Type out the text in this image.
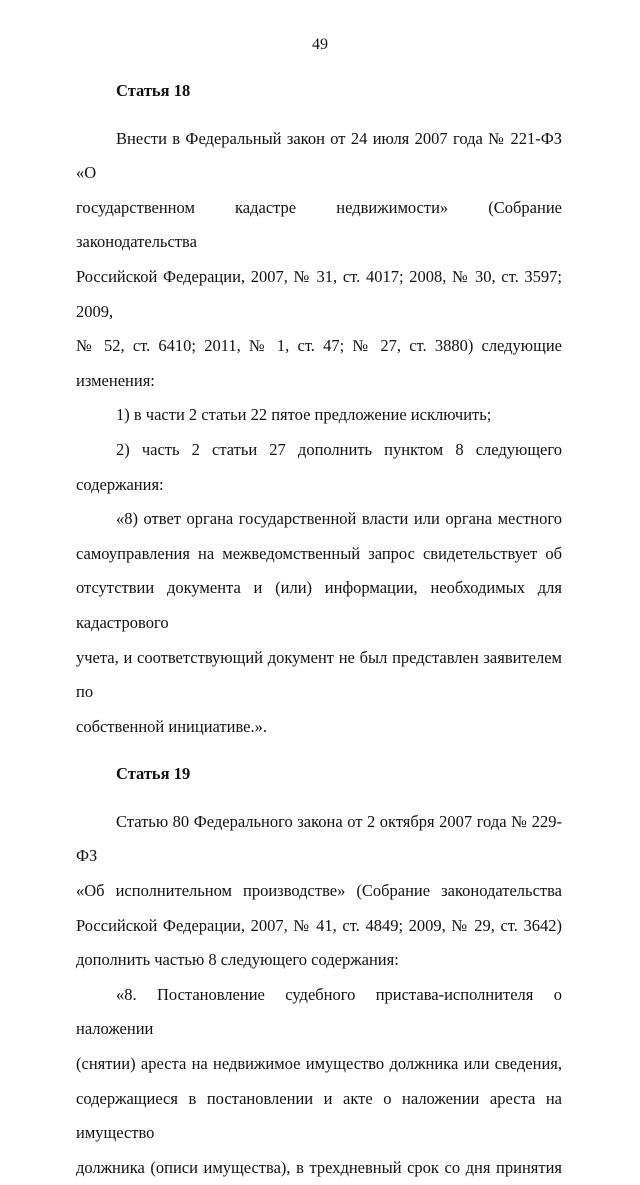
49

Статья 18

Внести в Федеральный закон от 24 июля 2007 года № 221-ФЗ «О

государственном кадастре недвижимости» (Собрание законодательства

Российской Федерации, 2007, № 31, ст. 4017; 2008, № 30, ст. 3597; 2009,

№ 52, ст. 6410; 2011, № 1, ст. 47; № 27, ст. 3880) следующие изменения:

1) в части 2 статьи 22 пятое предложение исключить;

2) часть 2 статьи 27 дополнить пунктом 8 следующего содержания:

«8) ответ органа государственной власти или органа местного

самоуправления на межведомственный запрос свидетельствует об

отсутствии документа и (или) информации, необходимых для кадастрового

учета, и соответствующий документ не был представлен заявителем по

собственной инициативе.».

Статья 19

Статью 80 Федерального закона от 2 октября 2007 года № 229-ФЗ

«Об исполнительном производстве» (Собрание законодательства

Российской Федерации, 2007, № 41, ст. 4849; 2009, № 29, ст. 3642)

дополнить частью 8 следующего содержания:

«8. Постановление судебного пристава-исполнителя о наложении

(снятии) ареста на недвижимое имущество должника или сведения,

содержащиеся в постановлении и акте о наложении ареста на имущество

должника (описи имущества), в трехдневный срок со дня принятия
